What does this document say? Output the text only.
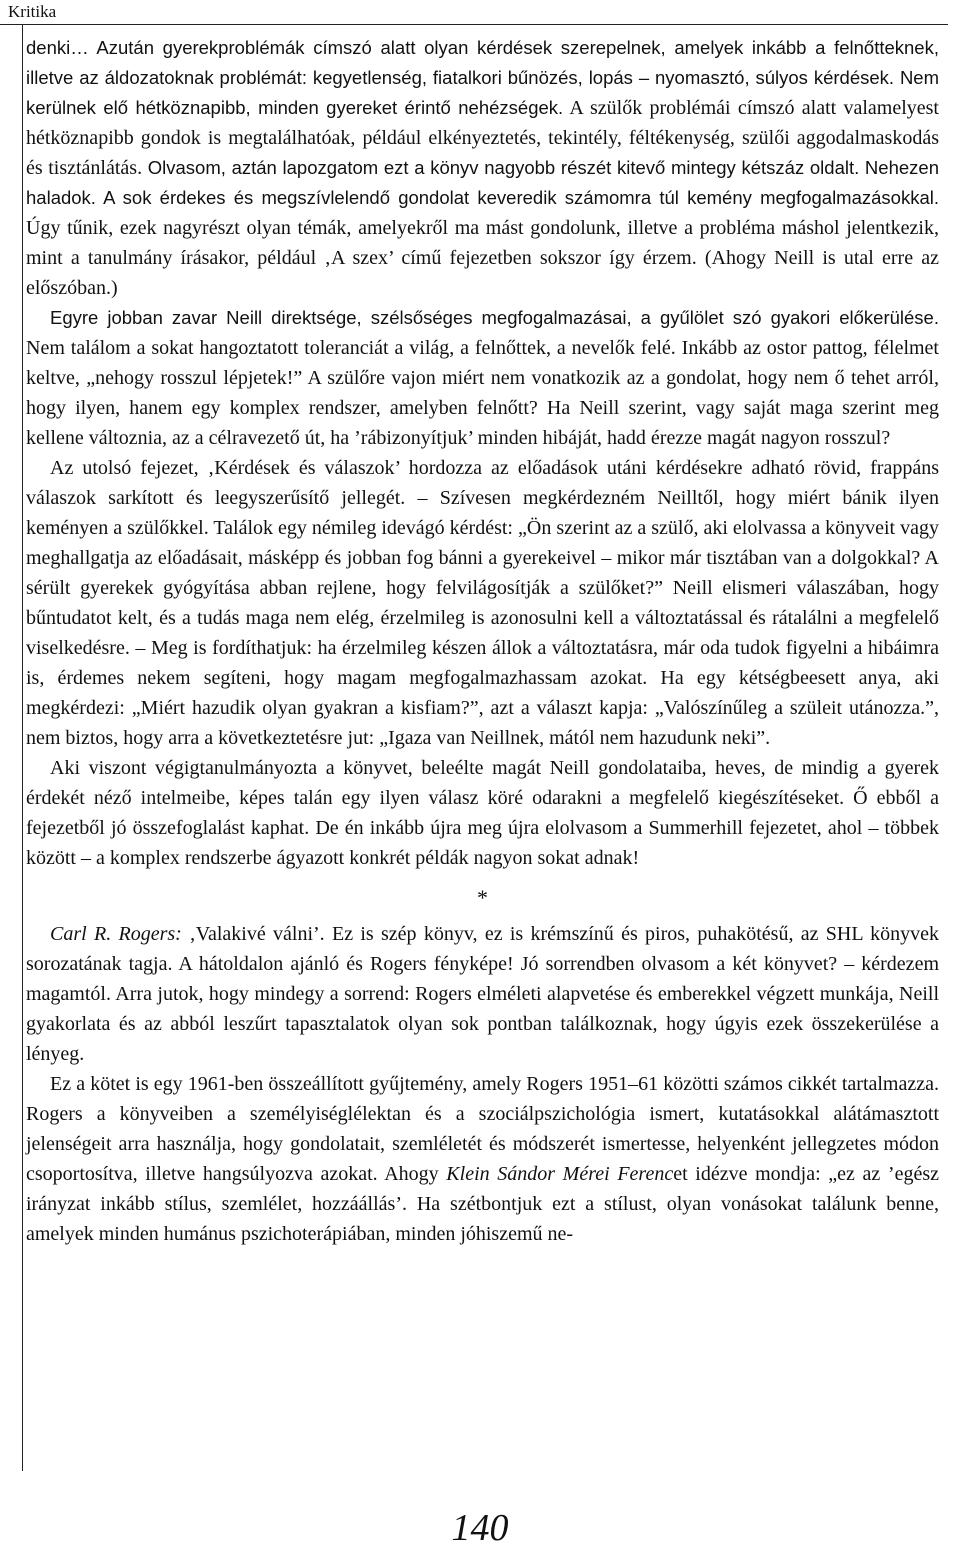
Kritika

denki… Azután gyerekproblémák címszó alatt olyan kérdések szerepelnek, amelyek inkább a felnőtteknek, illetve az áldozatoknak problémát: kegyetlenség, fiatalkori bűnözés, lopás – nyomasztó, súlyos kérdések. Nem kerülnek elő hétköznapibb, minden gyereket érintő nehézségek. A szülők problémái címszó alatt valamelyest hétköznapibb gondok is megtalálhatóak, például elkényeztetés, tekintély, féltékenység, szülői aggodalmaskodás és tisztánlátás. Olvasom, aztán lapozgatom ezt a könyv nagyobb részét kitevő mintegy kétszáz oldalt. Nehezen haladok. A sok érdekes és megszívlelendő gondolat keveredik számomra túl kemény megfogalmazásokkal. Úgy tűnik, ezek nagyrészt olyan témák, amelyekről ma mást gondolunk, illetve a probléma máshol jelentkezik, mint a tanulmány írásakor, például ‚A szex’ című fejezetben sokszor így érzem. (Ahogy Neill is utal erre az előszóban.)

Egyre jobban zavar Neill direktsége, szélsőséges megfogalmazásai, a gyűlölet szó gyakori előkerülése. Nem találom a sokat hangoztatott toleranciát a világ, a felnőttek, a nevelők felé. Inkább az ostor pattog, félelmet keltve, „nehogy rosszul lépjetek!” A szülőre vajon miért nem vonatkozik az a gondolat, hogy nem ő tehet arról, hogy ilyen, hanem egy komplex rendszer, amelyben felnőtt? Ha Neill szerint, vagy saját maga szerint meg kellene változnia, az a célravezető út, ha ’rábizonyítjuk’ minden hibáját, hadd érezze magát nagyon rosszul?

Az utolsó fejezet, ‚Kérdések és válaszok’ hordozza az előadások utáni kérdésekre adható rövid, frappáns válaszok sarkított és leegyszerűsítő jellegét. – Szívesen megkérdezném Neilltől, hogy miért bánik ilyen keményen a szülőkkel. Találok egy némileg idevágó kérdést: „Ön szerint az a szülő, aki elolvassa a könyveit vagy meghallgatja az előadásait, másképp és jobban fog bánni a gyerekeivel – mikor már tisztában van a dolgokkal? A sérült gyerekek gyógyítása abban rejlene, hogy felvilágosítják a szülőket?” Neill elismeri válaszában, hogy bűntudatot kelt, és a tudás maga nem elég, érzelmileg is azonosulni kell a változtatással és rátalálni a megfelelő viselkedésre. – Meg is fordíthatjuk: ha érzelmileg készen állok a változtatásra, már oda tudok figyelni a hibáimra is, érdemes nekem segíteni, hogy magam megfogalmazhassam azokat. Ha egy kétségbeesett anya, aki megkérdezi: „Miért hazudik olyan gyakran a kisfiam?”, azt a választ kapja: „Valószínűleg a szüleit utánozza.”, nem biztos, hogy arra a következtetésre jut: „Igaza van Neillnek, mától nem hazudunk neki”.

Aki viszont végigtanulmányozta a könyvet, beleélte magát Neill gondolataiba, heves, de mindig a gyerek érdekét néző intelmeibe, képes talán egy ilyen válasz köré odarakni a megfelelő kiegészítéseket. Ő ebből a fejezetből jó összefoglalást kaphat. De én inkább újra meg újra elolvasom a Summerhill fejezetet, ahol – többek között – a komplex rendszerbe ágyazott konkrét példák nagyon sokat adnak!

*

Carl R. Rogers: ‚Valakivé válni’. Ez is szép könyv, ez is krémszínű és piros, puhakötésű, az SHL könyvek sorozatának tagja. A hátoldalon ajánló és Rogers fényképe! Jó sorrendben olvasom a két könyvet? – kérdezem magamtól. Arra jutok, hogy mindegy a sorrend: Rogers elméleti alapvetése és emberekkel végzett munkája, Neill gyakorlata és az abból leszűrt tapasztalatok olyan sok pontban találkoznak, hogy úgyis ezek összekerülése a lényeg.

Ez a kötet is egy 1961-ben összeállított gyűjtemény, amely Rogers 1951–61 közötti számos cikkét tartalmazza. Rogers a könyveiben a személyiséglélektan és a szociálpszichológia ismert, kutatásokkal alátámasztott jelenségeit arra használja, hogy gondolatait, szemléletét és módszerét ismertesse, helyenként jellegzetes módon csoportosítva, illetve hangsúlyozva azokat. Ahogy Klein Sándor Mérei Ferencet idézve mondja: „ez az ’egész irányzat inkább stílus, szemlélet, hozzáállás’. Ha szétbontjuk ezt a stílust, olyan vonásokat találunk benne, amelyek minden humánus pszichoterápiában, minden jóhiszemű ne-

140
